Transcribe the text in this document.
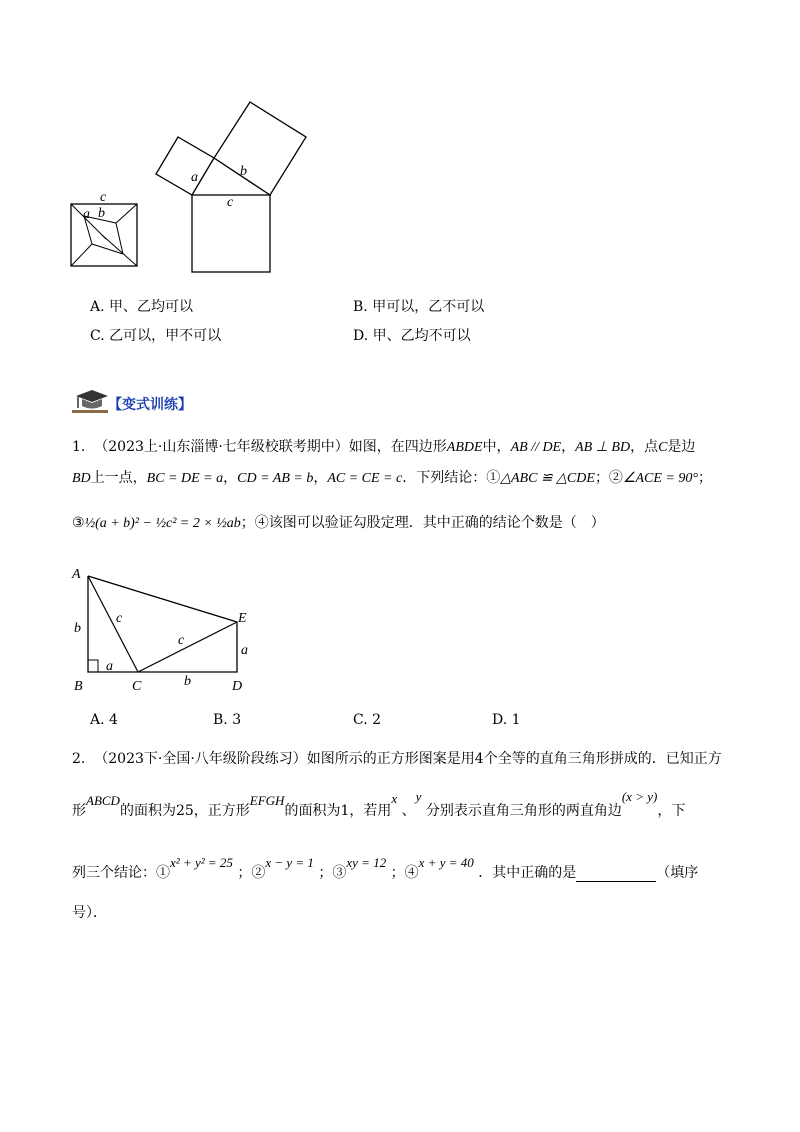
c
a b
a	b
c
A. 甲、乙均可以	B. 甲可以，乙不可以
C. 乙可以，甲不可以	D. 甲、乙均不可以
【变式训练】
1. （2023上·山东淄博·七年级校联考期中）如图，在四边形ABDE中，AB // DE，AB ⊥ BD，点C是边
BD上一点，BC = DE = a，CD = AB = b，AC = CE = c．下列结论：①△ABC ≌ △CDE；②∠ACE = 90°；
③½(a + b)² − ½c² = 2 × ½ab；④该图可以验证勾股定理．其中正确的结论个数是（　）
A
B	C	D
E
b
a
b
a
c
c
A. 4	B. 3	C. 2	D. 1
2. （2023下·全国·八年级阶段练习）如图所示的正方形图案是用4个全等的直角三角形拼成的．已知正方
形ABCD的面积为25，正方形EFGH的面积为1，若用x 、y 分别表示直角三角形的两直角边(x > y)，下
列三个结论：①x² + y² = 25 ；②x − y = 1 ；③xy = 12 ；④x + y = 40 ．其中正确的是	（填序
号）．
